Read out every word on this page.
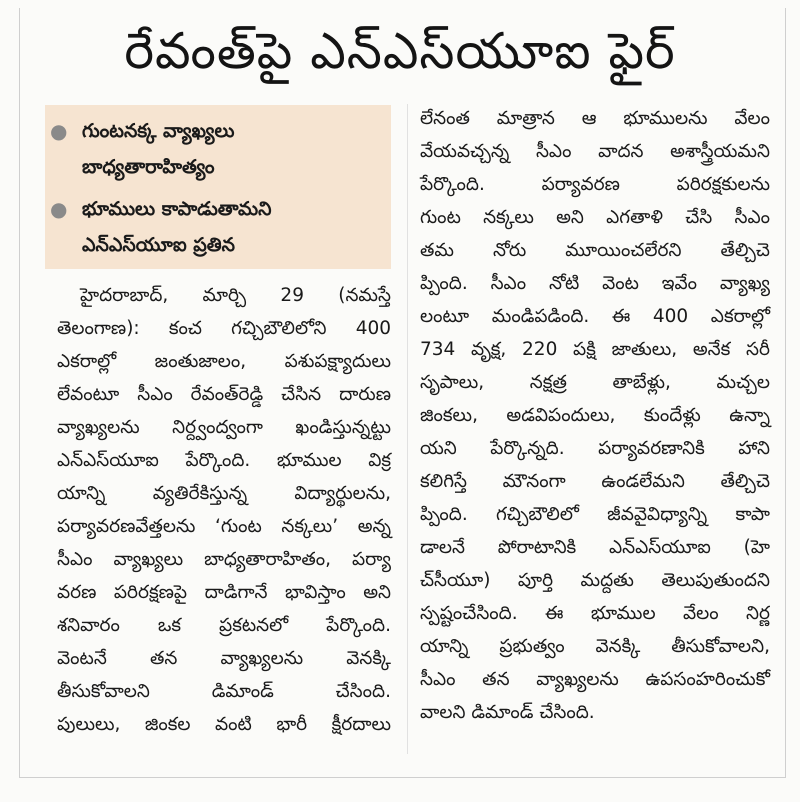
రేవంత్‌పై ఎన్‌ఎస్‌యూఐ ఫైర్
● గుంటనక్క వ్యాఖ్యలు
బాధ్యతారాహిత్యం
● భూములు కాపాడుతామని
ఎన్‌ఎస్‌యూఐ ప్రతిన
హైదరాబాద్, మార్చి 29 (నమస్తే
తెలంగాణ): కంచ గచ్చిబౌలిలోని 400
ఎకరాల్లో జంతుజాలం, పశుపక్ష్యాదులు
లేవంటూ సీఎం రేవంత్‌రెడ్డి చేసిన దారుణ
వ్యాఖ్యలను నిర్ద్వంద్వంగా ఖండిస్తున్నట్టు
ఎన్‌ఎస్‌యూఐ పేర్కొంది. భూముల విక్ర
యాన్ని వ్యతిరేకిస్తున్న విద్యార్థులను,
పర్యావరణవేత్తలను ‘గుంట నక్కలు’ అన్న
సీఎం వ్యాఖ్యలు బాధ్యతారాహితం, పర్యా
వరణ పరిరక్షణపై దాడిగానే భావిస్తాం అని
శనివారం ఒక ప్రకటనలో పేర్కొంది.
వెంటనే తన వ్యాఖ్యలను వెనక్కి
తీసుకోవాలని డిమాండ్ చేసింది.
పులులు, జింకల వంటి భారీ క్షీరదాలు
లేనంత మాత్రాన ఆ భూములను వేలం
వేయవచ్చన్న సీఎం వాదన అశాస్త్రీయమని
పేర్కొంది. పర్యావరణ పరిరక్షకులను
గుంట నక్కలు అని ఎగతాళి చేసి సీఎం
తమ నోరు మూయించలేరని తేల్చిచె
ప్పింది. సీఎం నోటి వెంట ఇవేం వ్యాఖ్య
లంటూ మండిపడింది. ఈ 400 ఎకరాల్లో
734 వృక్ష, 220 పక్షి జాతులు, అనేక సరీ
సృపాలు, నక్షత్ర తాబేళ్లు, మచ్చల
జింకలు, అడవిపందులు, కుందేళ్లు ఉన్నా
యని పేర్కొన్నది. పర్యావరణానికి హాని
కలిగిస్తే మౌనంగా ఉండలేమని తేల్చిచె
ప్పింది. గచ్చిబౌలిలో జీవవైవిధ్యాన్ని కాపా
డాలనే పోరాటానికి ఎన్‌ఎస్‌యూఐ (హె
చ్‌సీయూ) పూర్తి మద్దతు తెలుపుతుందని
స్పష్టంచేసింది. ఈ భూముల వేలం నిర్ణ
యాన్ని ప్రభుత్వం వెనక్కి తీసుకోవాలని,
సీఎం తన వ్యాఖ్యలను ఉపసంహరించుకో
వాలని డిమాండ్ చేసింది.
